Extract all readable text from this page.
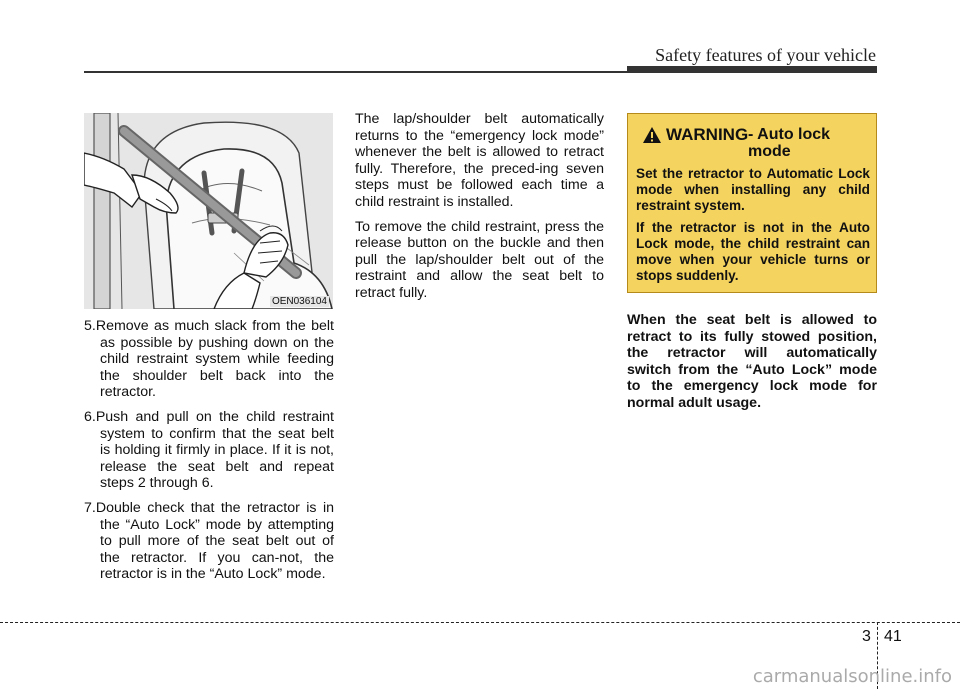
Safety features of your vehicle
OEN036104

5.Remove as much slack from the belt as possible by pushing down on the child restraint system while feeding the shoulder belt back into the retractor.

6.Push and pull on the child restraint system to confirm that the seat belt is holding it firmly in place. If it is not, release the seat belt and repeat steps 2 through 6.

7.Double check that the retractor is in the “Auto Lock” mode by attempting to pull more of the seat belt out of the retractor. If you can-not, the retractor is in the “Auto Lock” mode.

The lap/shoulder belt automatically returns to the “emergency lock mode” whenever the belt is allowed to retract fully. Therefore, the preced-ing seven steps must be followed each time a child restraint is installed.

To remove the child restraint, press the release button on the buckle and then pull the lap/shoulder belt out of the restraint and allow the seat belt to retract fully.

WARNING - Auto lock mode

Set the retractor to Automatic Lock mode when installing any child restraint system.

If the retractor is not in the Auto Lock mode, the child restraint can move when your vehicle turns or stops suddenly.

When the seat belt is allowed to retract to its fully stowed position, the retractor will automatically switch from the “Auto Lock” mode to the emergency lock mode for normal adult usage.

3 41
carmanualsonline.info
